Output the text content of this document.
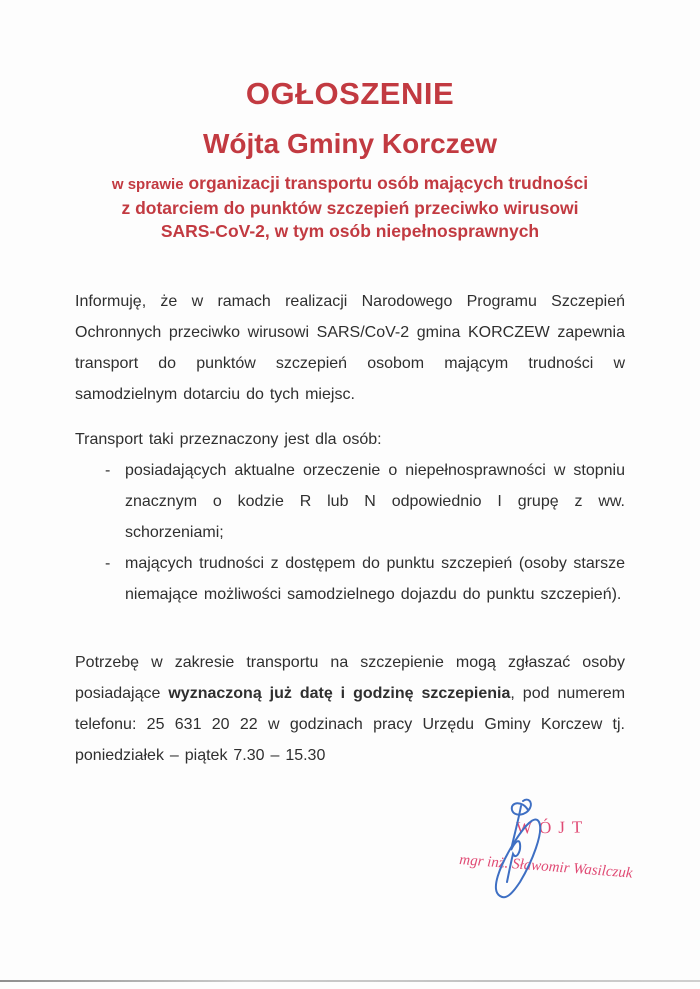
OGŁOSZENIE
Wójta Gminy Korczew
w sprawie organizacji transportu osób mających trudności
z dotarciem do punktów szczepień przeciwko wirusowi
SARS-CoV-2, w tym osób niepełnosprawnych

Informuję, że w ramach realizacji Narodowego Programu Szczepień Ochronnych przeciwko wirusowi SARS/CoV-2 gmina KORCZEW zapewnia transport do punktów szczepień osobom mającym trudności w samodzielnym dotarciu do tych miejsc.

Transport taki przeznaczony jest dla osób:

- posiadających aktualne orzeczenie o niepełnosprawności w stopniu znacznym o kodzie R lub N odpowiednio I grupę z ww. schorzeniami;
- mających trudności z dostępem do punktu szczepień (osoby starsze niemające możliwości samodzielnego dojazdu do punktu szczepień).

Potrzebę w zakresie transportu na szczepienie mogą zgłaszać osoby posiadające wyznaczoną już datę i godzinę szczepienia, pod numerem telefonu: 25 631 20 22 w godzinach pracy Urzędu Gminy Korczew tj. poniedziałek – piątek 7.30 – 15.30

WÓJT
mgr inż. Sławomir Wasilczuk
